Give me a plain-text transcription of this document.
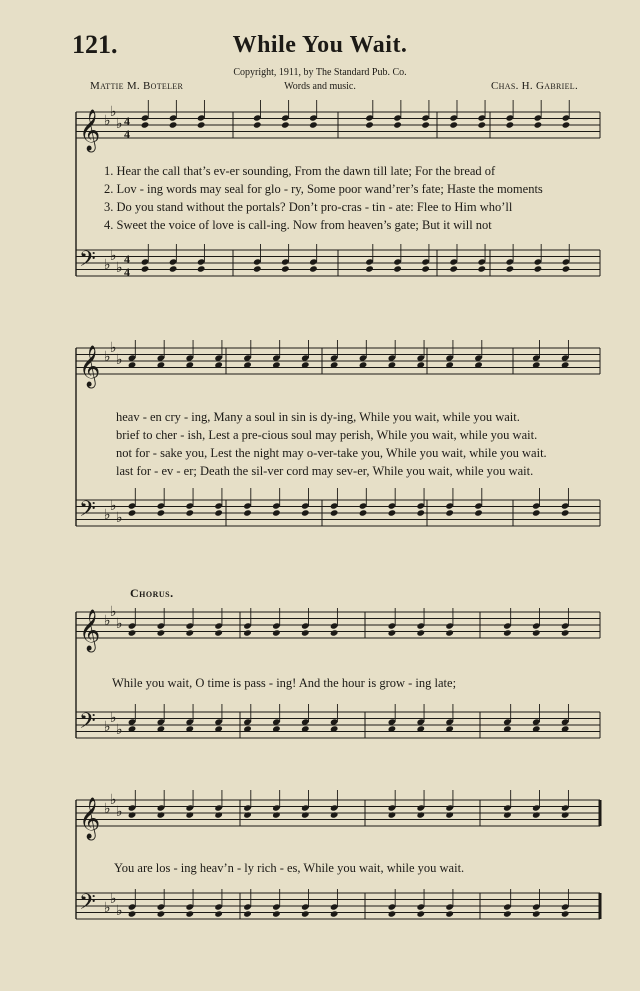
121.	While You Wait.
Copyright, 1911, by The Standard Pub. Co.
Words and music.
Mattie M. Boteler	Chas. H. Gabriel.
𝄞 ♭
♭
♭ 4
4
𝄢 ♭
♭
♭
4
4
𝄞 ♭
♭
♭
𝄢 ♭
♭
♭
𝄞 ♭
♭
♭
𝄢 ♭
♭
♭
𝄞 ♭
♭
♭
𝄢 ♭
♭
♭
1. Hear the call that’s ev-er sounding, From the dawn till late; For the bread of
2. Lov - ing words may seal for glo - ry, Some poor wand’rer’s fate; Haste the moments
3. Do you stand without the portals? Don’t pro-cras - tin - ate: Flee to Him who’ll
4. Sweet the voice of love is call-ing. Now from heaven’s gate; But it will not
heav - en cry - ing, Many a soul in sin is dy-ing, While you wait, while you wait.
brief to cher - ish, Lest a pre-cious soul may perish, While you wait, while you wait.
not for - sake you, Lest the night may o-ver-take you, While you wait, while you wait.
last for - ev - er; Death the sil-ver cord may sev-er, While you wait, while you wait.
Chorus.
While you wait, O time is pass - ing! And the hour is grow - ing late;
You are los - ing heav’n - ly rich - es, While you wait, while you wait.
